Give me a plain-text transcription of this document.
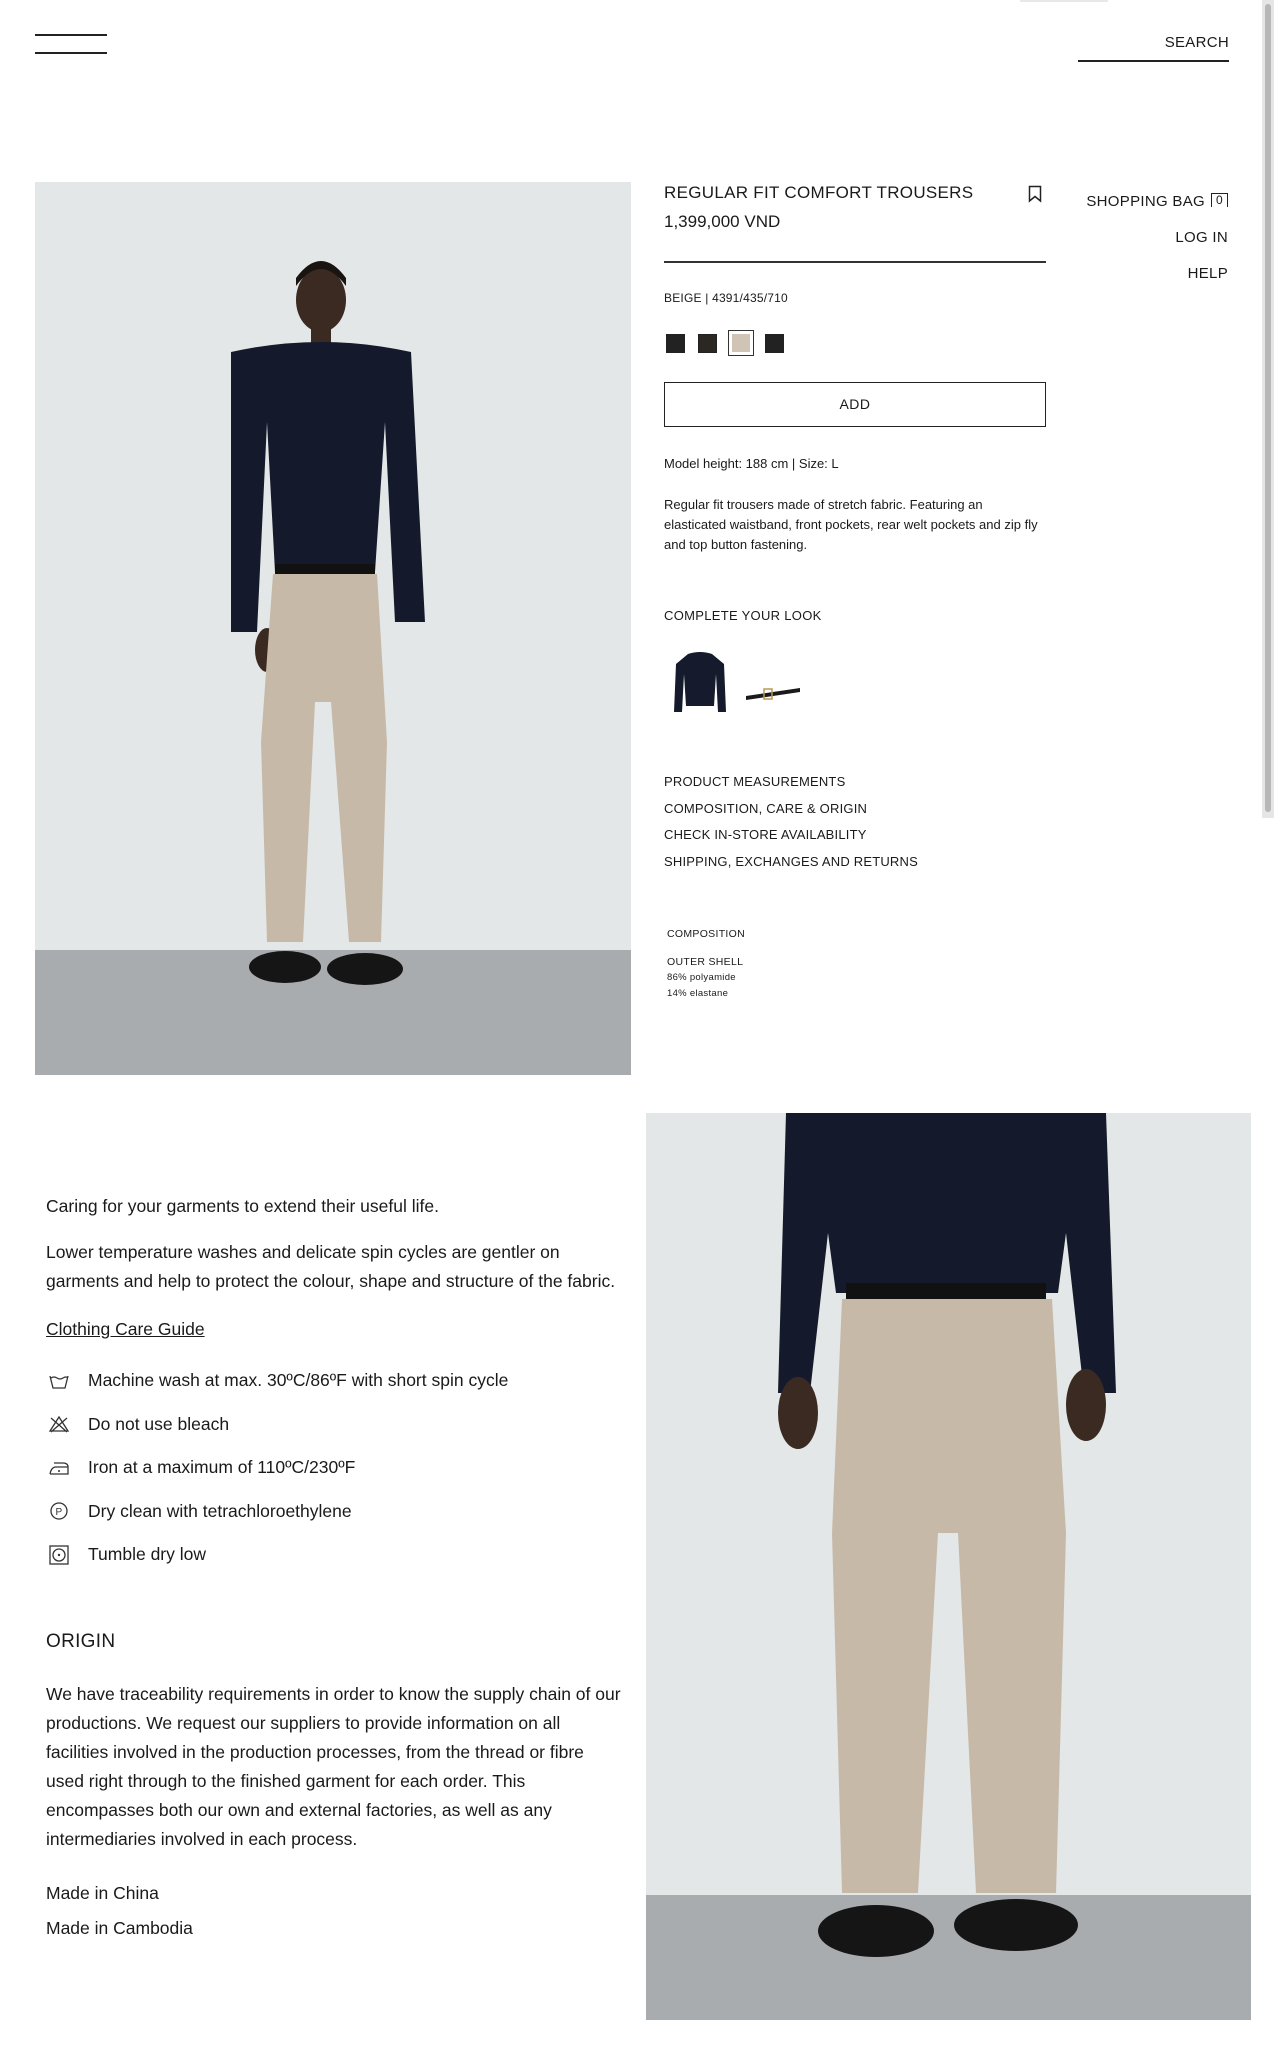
SEARCH
REGULAR FIT COMFORT TROUSERS
1,399,000 VND
BEIGE | 4391/435/710
ADD
Model height: 188 cm | Size: L
Regular fit trousers made of stretch fabric. Featuring an elasticated waistband, front pockets, rear welt pockets and zip fly and top button fastening.
COMPLETE YOUR LOOK
PRODUCT MEASUREMENTS
COMPOSITION, CARE & ORIGIN
CHECK IN-STORE AVAILABILITY
SHIPPING, EXCHANGES AND RETURNS
COMPOSITION
OUTER SHELL
86% polyamide
14% elastane
SHOPPING BAG 0
LOG IN
HELP

Caring for your garments to extend their useful life.

Lower temperature washes and delicate spin cycles are gentler on garments and help to protect the colour, shape and structure of the fabric.

Clothing Care Guide
Machine wash at max. 30ºC/86ºF with short spin cycle
Do not use bleach
Iron at a maximum of 110ºC/230ºF
P Dry clean with tetrachloroethylene
Tumble dry low
ORIGIN
We have traceability requirements in order to know the supply chain of our productions. We request our suppliers to provide information on all facilities involved in the production processes, from the thread or fibre used right through to the finished garment for each order. This encompasses both our own and external factories, as well as any intermediaries involved in each process.
Made in China
Made in Cambodia
